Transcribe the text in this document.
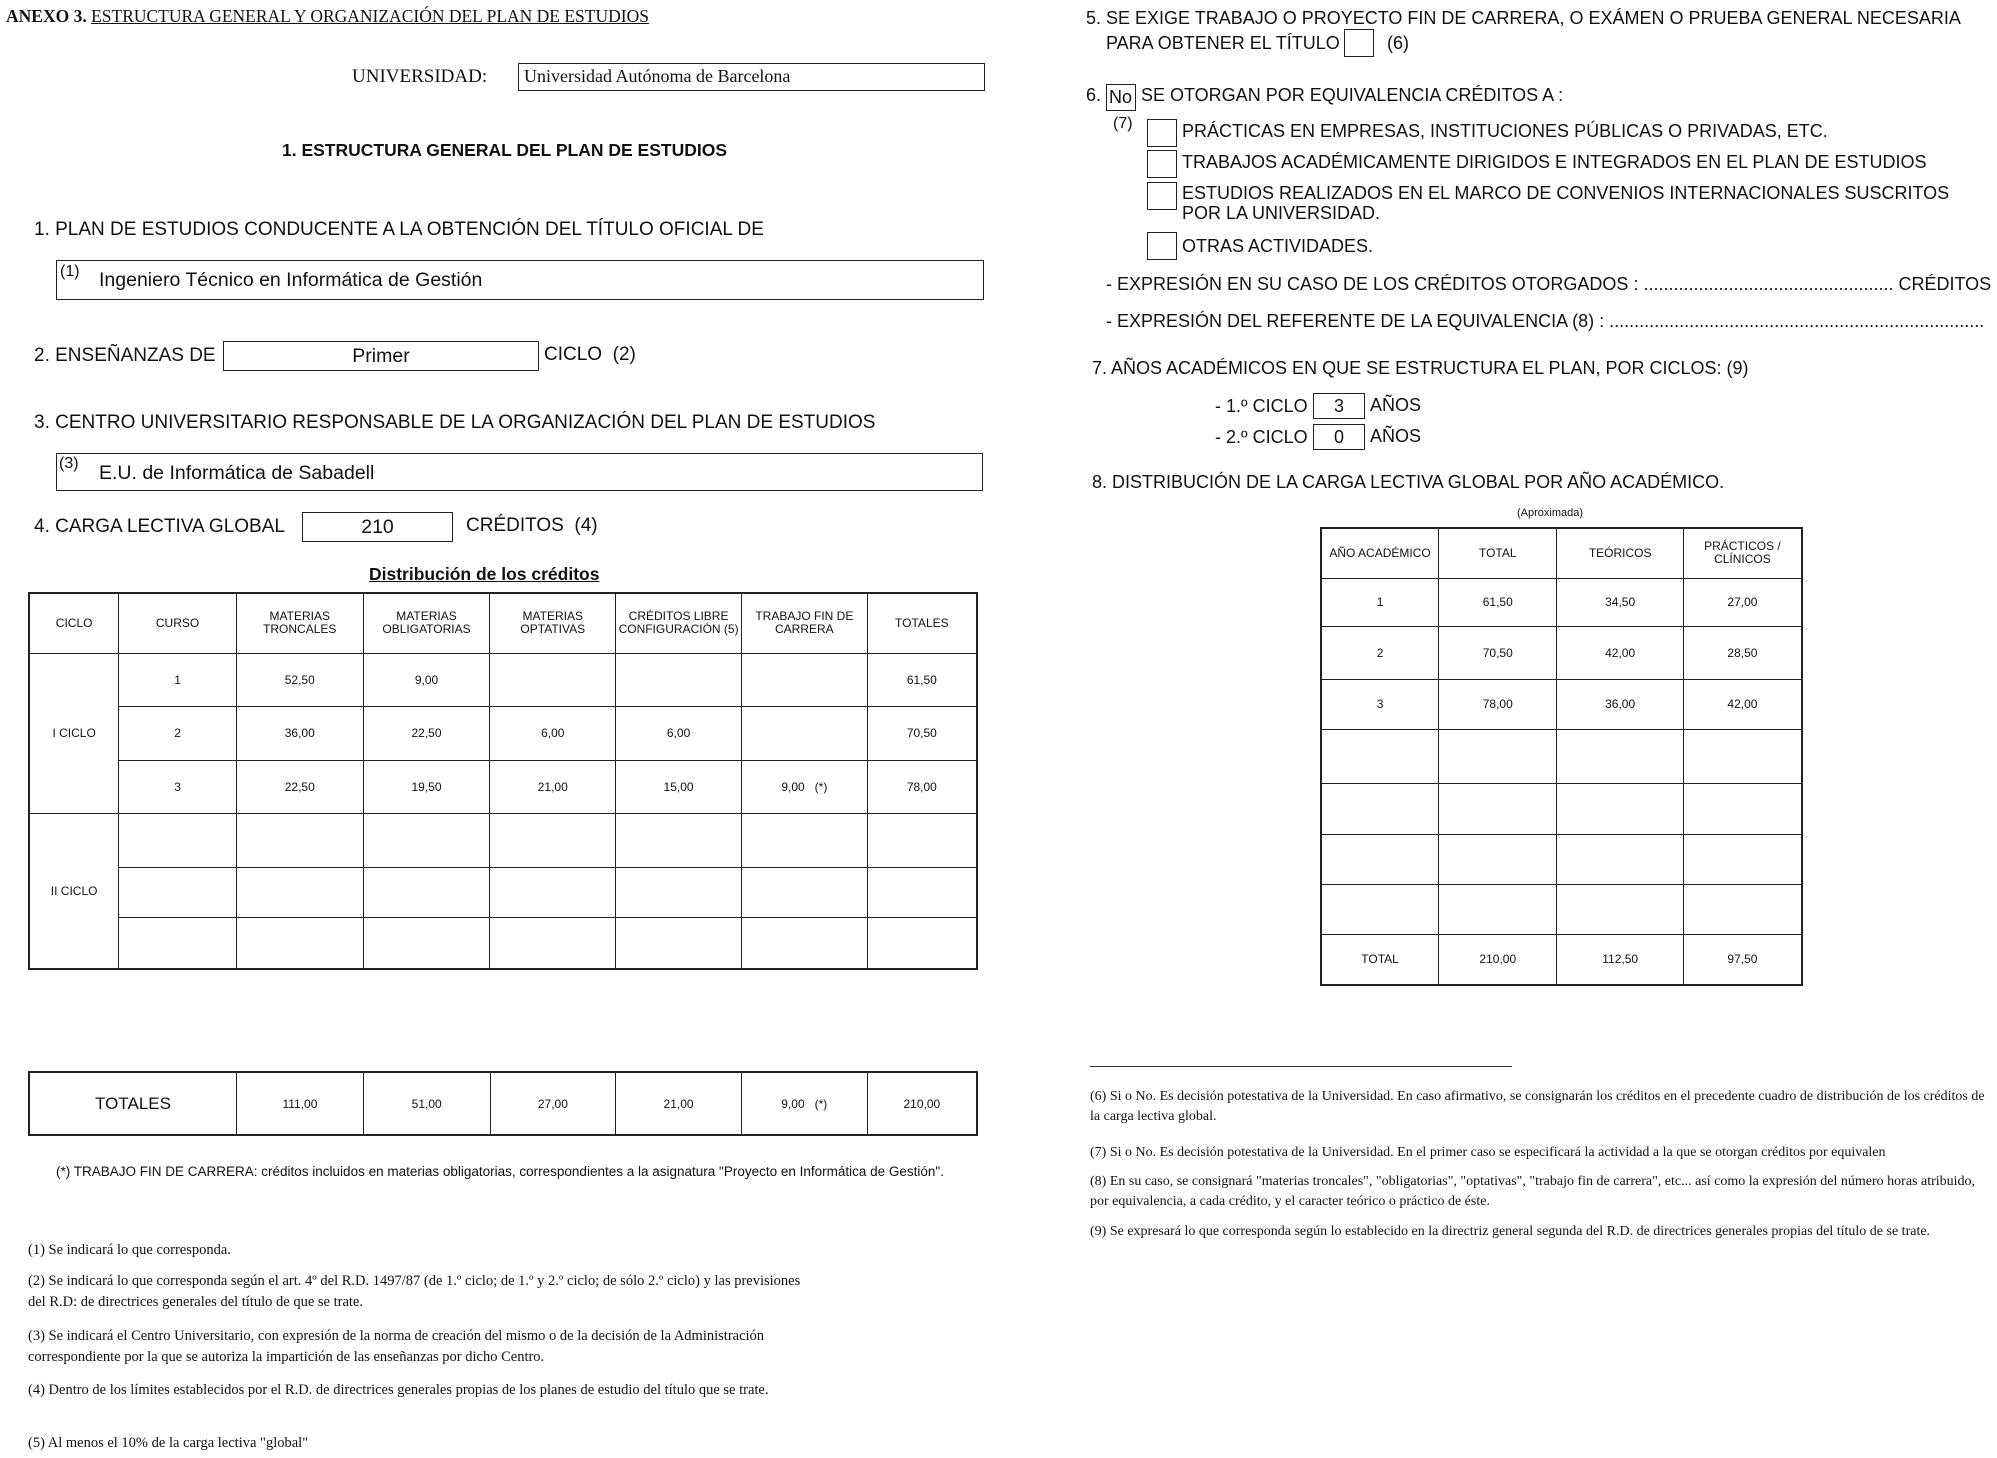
ANEXO 3. ESTRUCTURA GENERAL Y ORGANIZACIÓN DEL PLAN DE ESTUDIOS
UNIVERSIDAD:	Universidad Autónoma de Barcelona
1. ESTRUCTURA GENERAL DEL PLAN DE ESTUDIOS
1. PLAN DE ESTUDIOS CONDUCENTE A LA OBTENCIÓN DEL TÍTULO OFICIAL DE
(1) Ingeniero Técnico en Informática de Gestión
2. ENSEÑANZAS DE	Primer	CICLO  (2)
3. CENTRO UNIVERSITARIO RESPONSABLE DE LA ORGANIZACIÓN DEL PLAN DE ESTUDIOS
(3) E.U. de Informática de Sabadell
4. CARGA LECTIVA GLOBAL	210	CRÉDITOS  (4)
Distribución de los créditos
CICLO	CURSO	MATERIAS TRONCALES	MATERIAS OBLIGATORIAS	MATERIAS OPTATIVAS	CRÉDITOS LIBRE CONFIGURACIÓN (5)	TRABAJO FIN DE CARRERA	TOTALES
I CICLO	1	52,50	9,00				61,50
	2	36,00	22,50	6,00	6,00		70,50
	3	22,50	19,50	21,00	15,00	9,00   (*)	78,00
II CICLO							

TOTALES	111,00	51,00	27,00	21,00	9,00   (*)	210,00
(*) TRABAJO FIN DE CARRERA: créditos incluidos en materias obligatorias, correspondientes a la asignatura "Proyecto en Informática de Gestión".
(1) Se indicará lo que corresponda.
(2) Se indicará lo que corresponda según el art. 4º del R.D. 1497/87 (de 1.º ciclo; de 1.º y 2.º ciclo; de sólo 2.º ciclo) y las previsiones del R.D: de directrices generales del título de que se trate.
(3) Se indicará el Centro Universitario, con expresión de la norma de creación del mismo o de la decisión de la Administración correspondiente por la que se autoriza la impartición de las enseñanzas por dicho Centro.
(4) Dentro de los límites establecidos por el R.D. de directrices generales propias de los planes de estudio del título que se trate.
(5) Al menos el 10% de la carga lectiva "global"
5. SE EXIGE TRABAJO O PROYECTO FIN DE CARRERA, O EXÁMEN O PRUEBA GENERAL NECESARIA
PARA OBTENER EL TÍTULO	(6)
6. No SE OTORGAN POR EQUIVALENCIA CRÉDITOS A :
(7)	PRÁCTICAS EN EMPRESAS, INSTITUCIONES PÚBLICAS O PRIVADAS, ETC.
TRABAJOS ACADÉMICAMENTE DIRIGIDOS E INTEGRADOS EN EL PLAN DE ESTUDIOS
ESTUDIOS REALIZADOS EN EL MARCO DE CONVENIOS INTERNACIONALES SUSCRITOS POR LA UNIVERSIDAD.
OTRAS ACTIVIDADES.
- EXPRESIÓN EN SU CASO DE LOS CRÉDITOS OTORGADOS : .................................................. CRÉDITOS
- EXPRESIÓN DEL REFERENTE DE LA EQUIVALENCIA (8) : ...........................................................................
7. AÑOS ACADÉMICOS EN QUE SE ESTRUCTURA EL PLAN, POR CICLOS: (9)
- 1.º CICLO	3	AÑOS
- 2.º CICLO	0	AÑOS
8. DISTRIBUCIÓN DE LA CARGA LECTIVA GLOBAL POR AÑO ACADÉMICO.
(Aproximada)
AÑO ACADÉMICO	TOTAL	TEÓRICOS	PRÁCTICOS / CLÍNICOS
1	61,50	34,50	27,00
2	70,50	42,00	28,50
3	78,00	36,00	42,00

TOTAL	210,00	112,50	97,50
(6) Si o No. Es decisión potestativa de la Universidad. En caso afirmativo, se consignarán los créditos en el precedente cuadro de distribución de los créditos de la carga lectiva global.
(7) Si o No. Es decisión potestativa de la Universidad. En el primer caso se especificará la actividad a la que se otorgan créditos por equivalen
(8) En su caso, se consignará "materias troncales", "obligatorias", "optativas", "trabajo fin de carrera", etc... así como la expresión del número horas atribuido, por equivalencia, a cada crédito, y el caracter teórico o práctico de éste.
(9) Se expresará lo que corresponda según lo establecido en la directriz general segunda del R.D. de directrices generales propias del título de se trate.
